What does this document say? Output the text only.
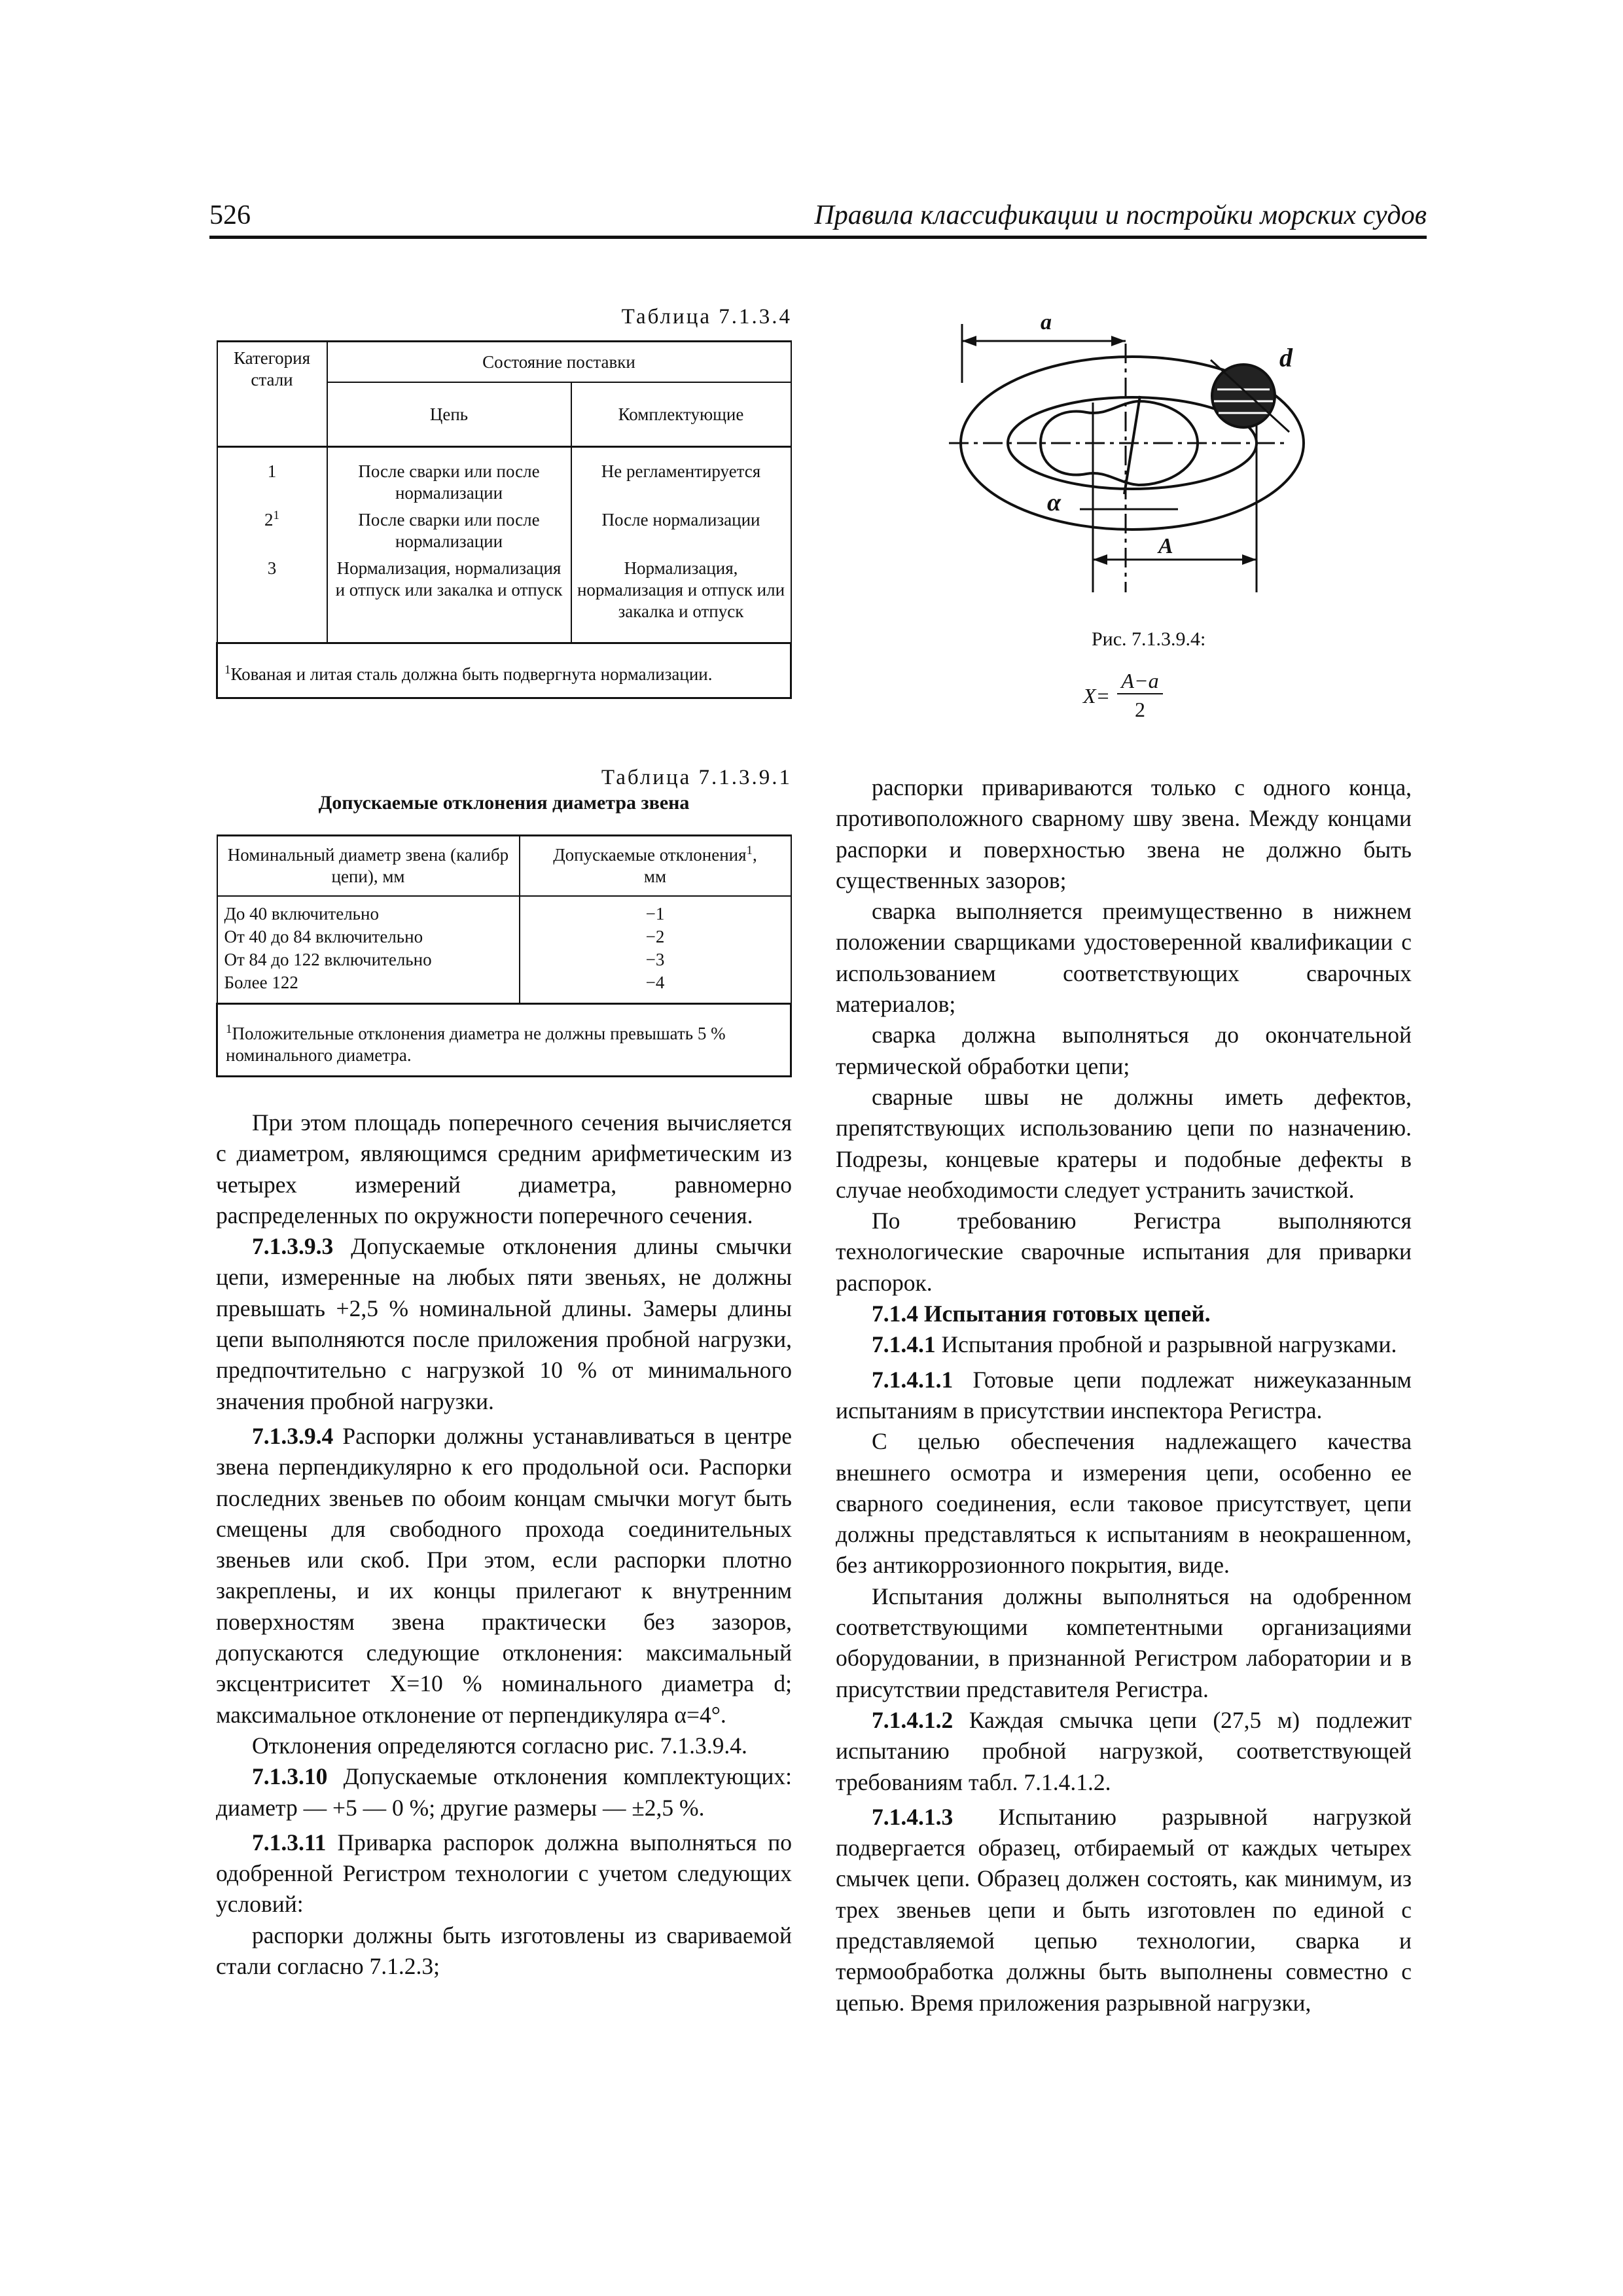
526	Правила классификации и постройки морских судов
Таблица 7.1.3.4
Категория стали	Состояние поставки	
	Цепь	Комплектующие
1	После сварки или после нормализации	Не регламентируется
$2^1$	После сварки или после нормализации	После нормализации
3	Нормализация, нормализация и отпуск или закалка и отпуск	Нормализация, нормализация и отпуск или закалка и отпуск
$^1$Кованая и литая сталь должна быть подвергнута нормализации.		
a
d
α
A
Рис. 7.1.3.9.4:
X=
A−a
2
Таблица 7.1.3.9.1
Допускаемые отклонения диаметра звена
Номинальный диаметр звена (калибр цепи), мм	Допускаемые отклонения$^1$,
мм
До 40 включительно	−1
От 40 до 84 включительно	−2
От 84 до 122 включительно	−3
Более 122	−4
$^1$Положительные отклонения диаметра не должны превышать 5 % номинального диаметра.	

При этом площадь поперечного сечения вычисляется с диаметром, являющимся средним арифметическим из четырех измерений диаметра, равномерно распределенных по окружности поперечного сечения.

7.1.3.9.3 Допускаемые отклонения длины смычки цепи, измеренные на любых пяти звеньях, не должны превышать +2,5 % номинальной длины. Замеры длины цепи выполняются после приложения пробной нагрузки, предпочтительно с нагрузкой 10 % от минимального значения пробной нагрузки.

7.1.3.9.4 Распорки должны устанавливаться в центре звена перпендикулярно к его продольной оси. Распорки последних звеньев по обоим концам смычки могут быть смещены для свободного прохода соединительных звеньев или скоб. При этом, если распорки плотно закреплены, и их концы прилегают к внутренним поверхностям звена практически без зазоров, допускаются следующие отклонения: максимальный эксцентриситет X=10 % номинального диаметра d; максимальное отклонение от перпендикуляра α=4°.

Отклонения определяются согласно рис. 7.1.3.9.4.

7.1.3.10 Допускаемые отклонения комплектующих: диаметр — +5 — 0 %; другие размеры — ±2,5 %.

7.1.3.11 Приварка распорок должна выполняться по одобренной Регистром технологии с учетом следующих условий:

распорки должны быть изготовлены из свариваемой стали согласно 7.1.2.3;

распорки привариваются только с одного конца, противоположного сварному шву звена. Между концами распорки и поверхностью звена не должно быть существенных зазоров;

сварка выполняется преимущественно в нижнем положении сварщиками удостоверенной квалификации с использованием соответствующих сварочных материалов;

сварка должна выполняться до окончательной термической обработки цепи;

сварные швы не должны иметь дефектов, препятствующих использованию цепи по назначению. Подрезы, концевые кратеры и подобные дефекты в случае необходимости следует устранить зачисткой.

По требованию Регистра выполняются технологические сварочные испытания для приварки распорок.

7.1.4 Испытания готовых цепей.

7.1.4.1 Испытания пробной и разрывной нагрузками.

7.1.4.1.1 Готовые цепи подлежат нижеуказанным испытаниям в присутствии инспектора Регистра.

С целью обеспечения надлежащего качества внешнего осмотра и измерения цепи, особенно ее сварного соединения, если таковое присутствует, цепи должны представляться к испытаниям в неокрашенном, без антикоррозионного покрытия, виде.

Испытания должны выполняться на одобренном соответствующими компетентными организациями оборудовании, в признанной Регистром лаборатории и в присутствии представителя Регистра.

7.1.4.1.2 Каждая смычка цепи (27,5 м) подлежит испытанию пробной нагрузкой, соответствующей требованиям табл. 7.1.4.1.2.

7.1.4.1.3 Испытанию разрывной нагрузкой подвергается образец, отбираемый от каждых четырех смычек цепи. Образец должен состоять, как минимум, из трех звеньев цепи и быть изготовлен по единой с представляемой цепью технологии, сварка и термообработка должны быть выполнены совместно с цепью. Время приложения разрывной нагрузки,
